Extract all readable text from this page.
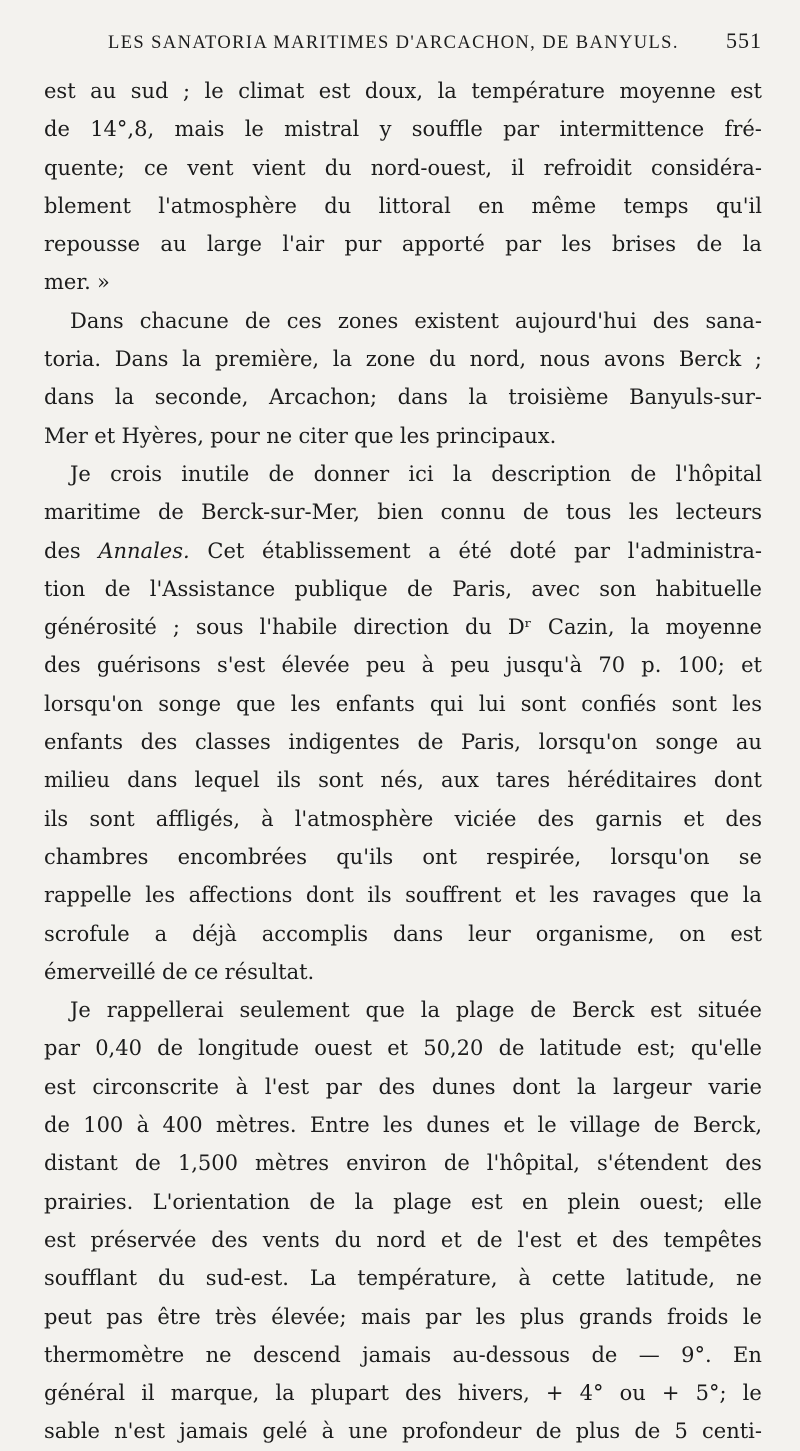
LES SANATORIA MARITIMES D'ARCACHON, DE BANYULS. 551
est au sud ; le climat est doux, la température moyenne est
de 14°,8, mais le mistral y souffle par intermittence fré-
quente; ce vent vient du nord-ouest, il refroidit considéra-
blement l'atmosphère du littoral en même temps qu'il
repousse au large l'air pur apporté par les brises de la
mer. »
Dans chacune de ces zones existent aujourd'hui des sana-
toria. Dans la première, la zone du nord, nous avons Berck ;
dans la seconde, Arcachon; dans la troisième Banyuls-sur-
Mer et Hyères, pour ne citer que les principaux.
Je crois inutile de donner ici la description de l'hôpital
maritime de Berck-sur-Mer, bien connu de tous les lecteurs
des Annales. Cet établissement a été doté par l'administra-
tion de l'Assistance publique de Paris, avec son habituelle
générosité ; sous l'habile direction du Dʳ Cazin, la moyenne
des guérisons s'est élevée peu à peu jusqu'à 70 p. 100; et
lorsqu'on songe que les enfants qui lui sont confiés sont les
enfants des classes indigentes de Paris, lorsqu'on songe au
milieu dans lequel ils sont nés, aux tares héréditaires dont
ils sont affligés, à l'atmosphère viciée des garnis et des
chambres encombrées qu'ils ont respirée, lorsqu'on se
rappelle les affections dont ils souffrent et les ravages que la
scrofule a déjà accomplis dans leur organisme, on est
émerveillé de ce résultat.
Je rappellerai seulement que la plage de Berck est située
par 0,40 de longitude ouest et 50,20 de latitude est; qu'elle
est circonscrite à l'est par des dunes dont la largeur varie
de 100 à 400 mètres. Entre les dunes et le village de Berck,
distant de 1,500 mètres environ de l'hôpital, s'étendent des
prairies. L'orientation de la plage est en plein ouest; elle
est préservée des vents du nord et de l'est et des tempêtes
soufflant du sud-est. La température, à cette latitude, ne
peut pas être très élevée; mais par les plus grands froids le
thermomètre ne descend jamais au-dessous de — 9°. En
général il marque, la plupart des hivers, + 4° ou + 5°; le
sable n'est jamais gelé à une profondeur de plus de 5 centi-
